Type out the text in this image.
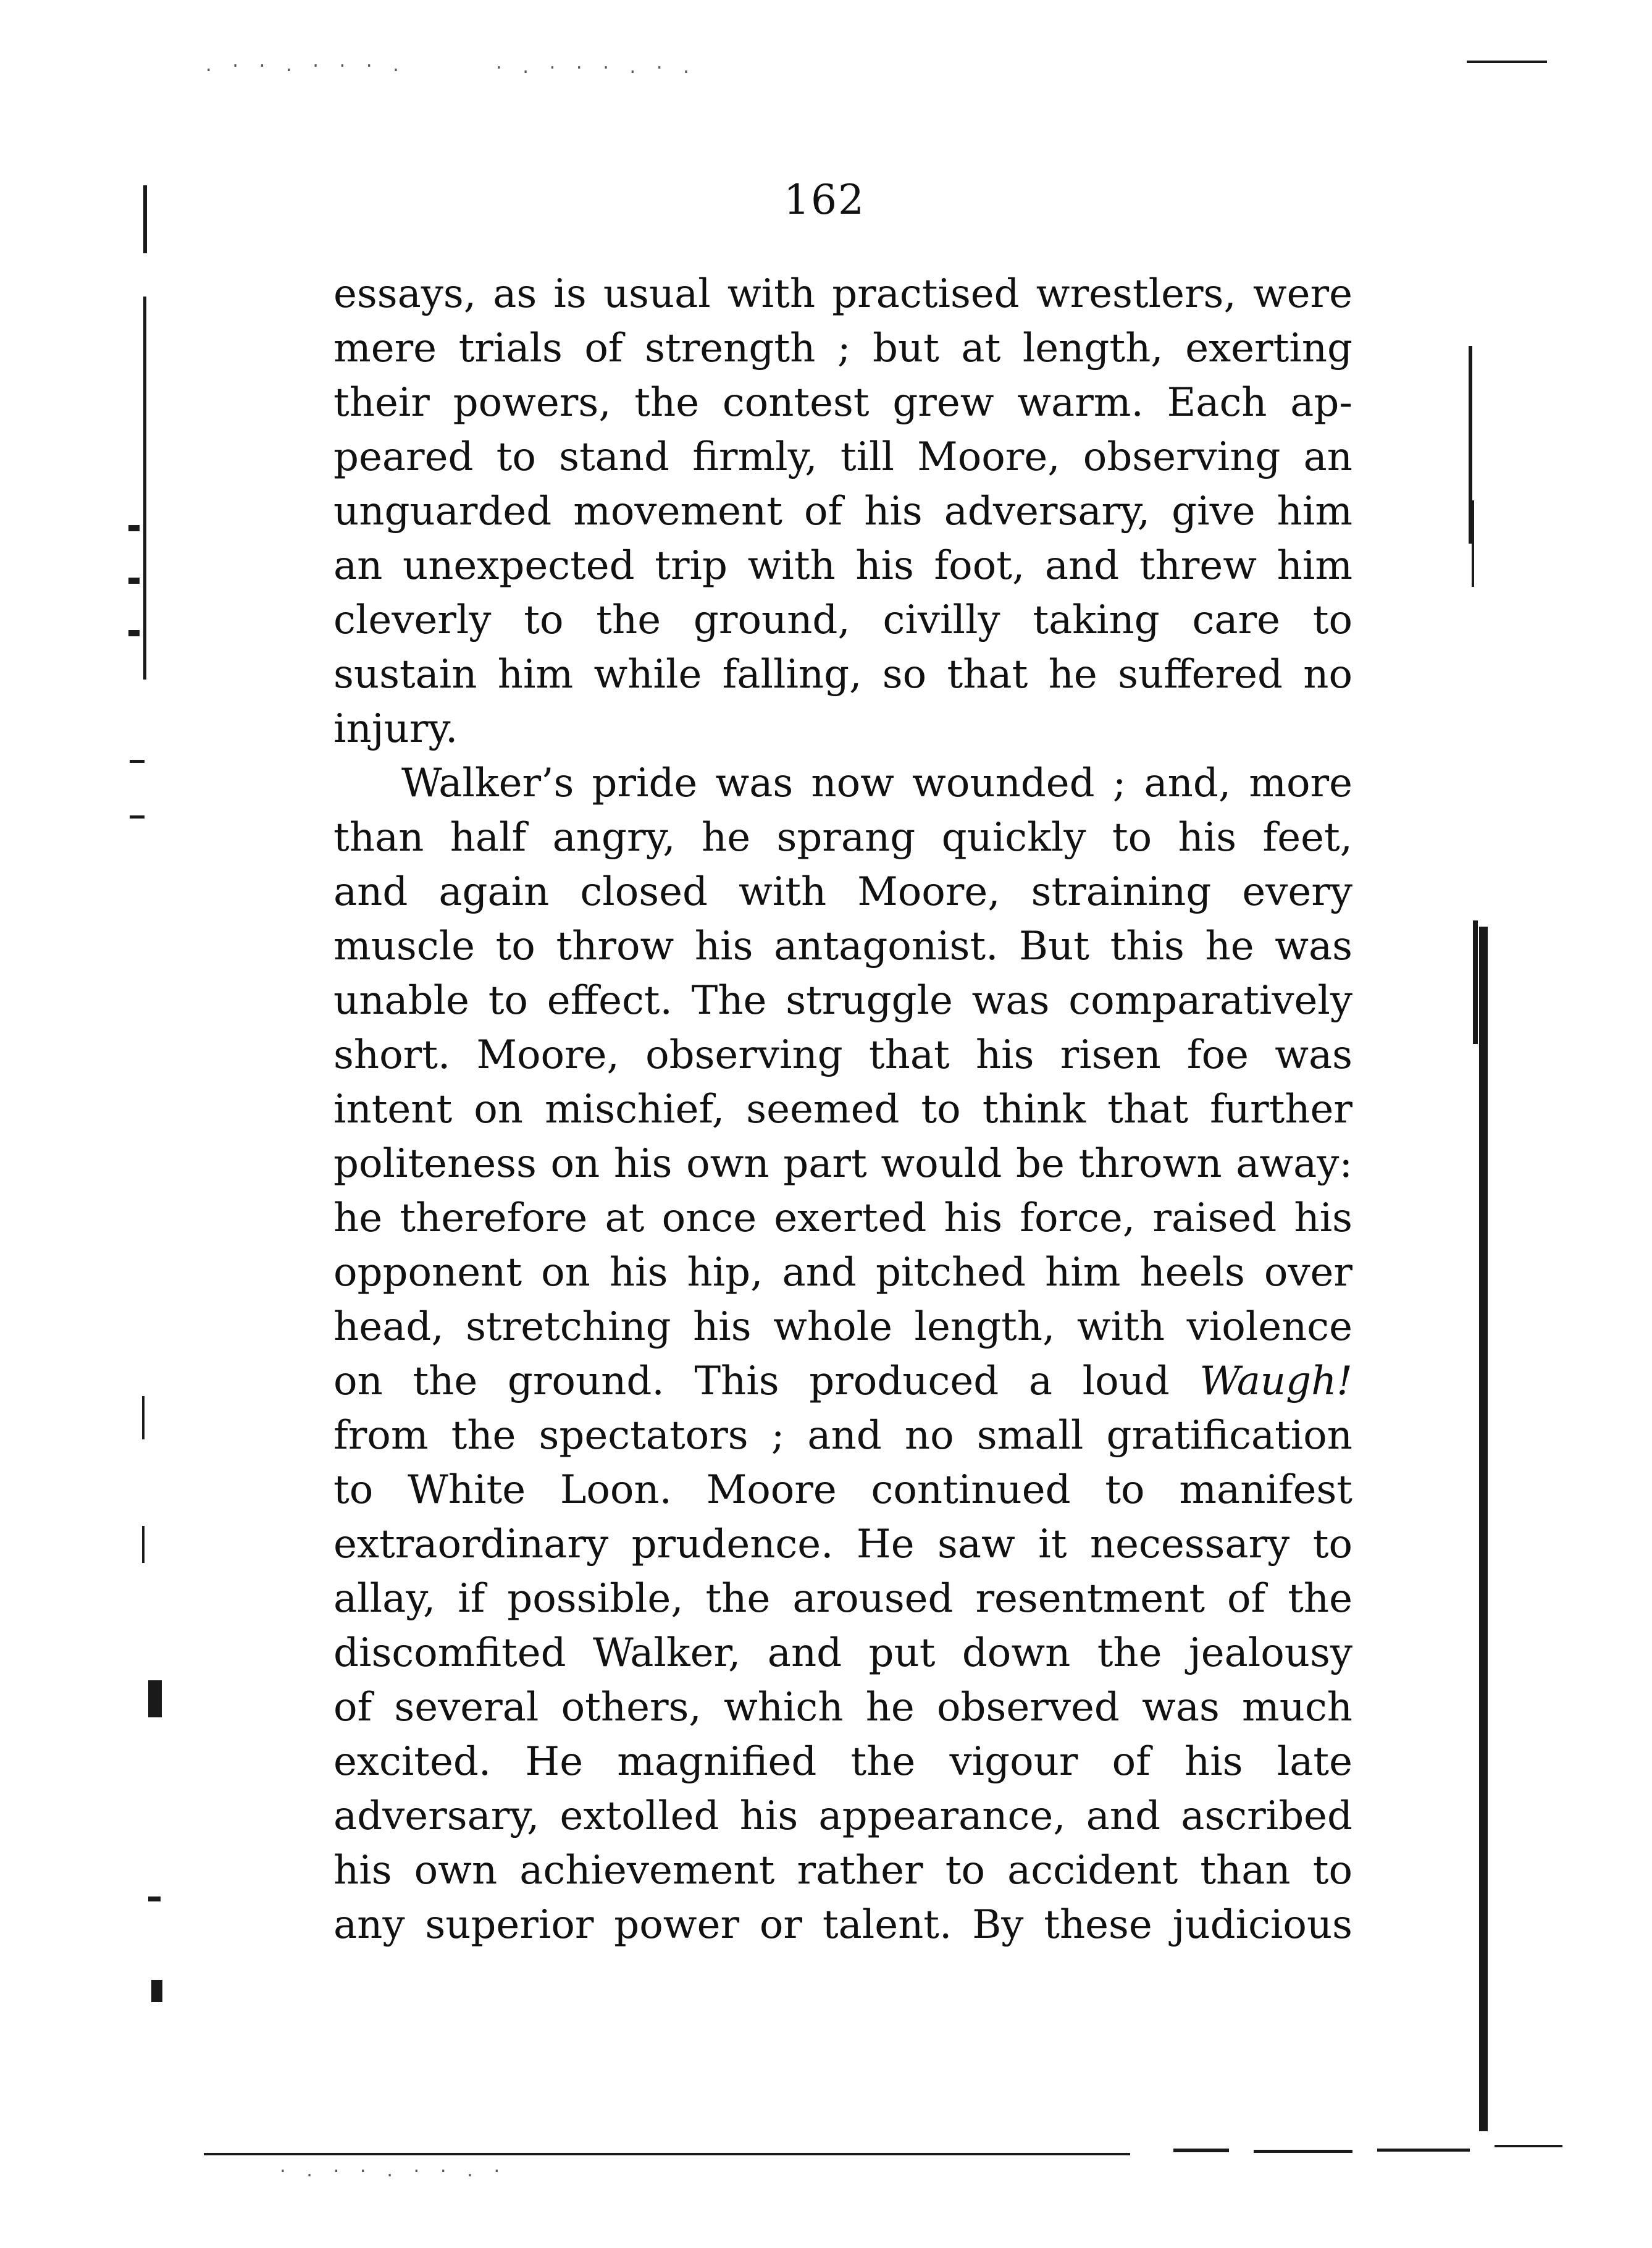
. · · . · · · .	· . · · · . · .
· . · · . · · . ·
162
essays, as is usual with practised wrestlers, were
mere trials of strength ; but at length, exerting
their powers, the contest grew warm. Each ap-
peared to stand firmly, till Moore, observing an
unguarded movement of his adversary, give him
an unexpected trip with his foot, and threw him
cleverly to the ground, civilly taking care to
sustain him while falling, so that he suffered no
injury.
Walker’s pride was now wounded ; and, more
than half angry, he sprang quickly to his feet,
and again closed with Moore, straining every
muscle to throw his antagonist. But this he was
unable to effect. The struggle was comparatively
short. Moore, observing that his risen foe was
intent on mischief, seemed to think that further
politeness on his own part would be thrown away:
he therefore at once exerted his force, raised his
opponent on his hip, and pitched him heels over
head, stretching his whole length, with violence
on the ground. This produced a loud Waugh!
from the spectators ; and no small gratification
to White Loon. Moore continued to manifest
extraordinary prudence. He saw it necessary to
allay, if possible, the aroused resentment of the
discomfited Walker, and put down the jealousy
of several others, which he observed was much
excited. He magnified the vigour of his late
adversary, extolled his appearance, and ascribed
his own achievement rather to accident than to
any superior power or talent. By these judicious
